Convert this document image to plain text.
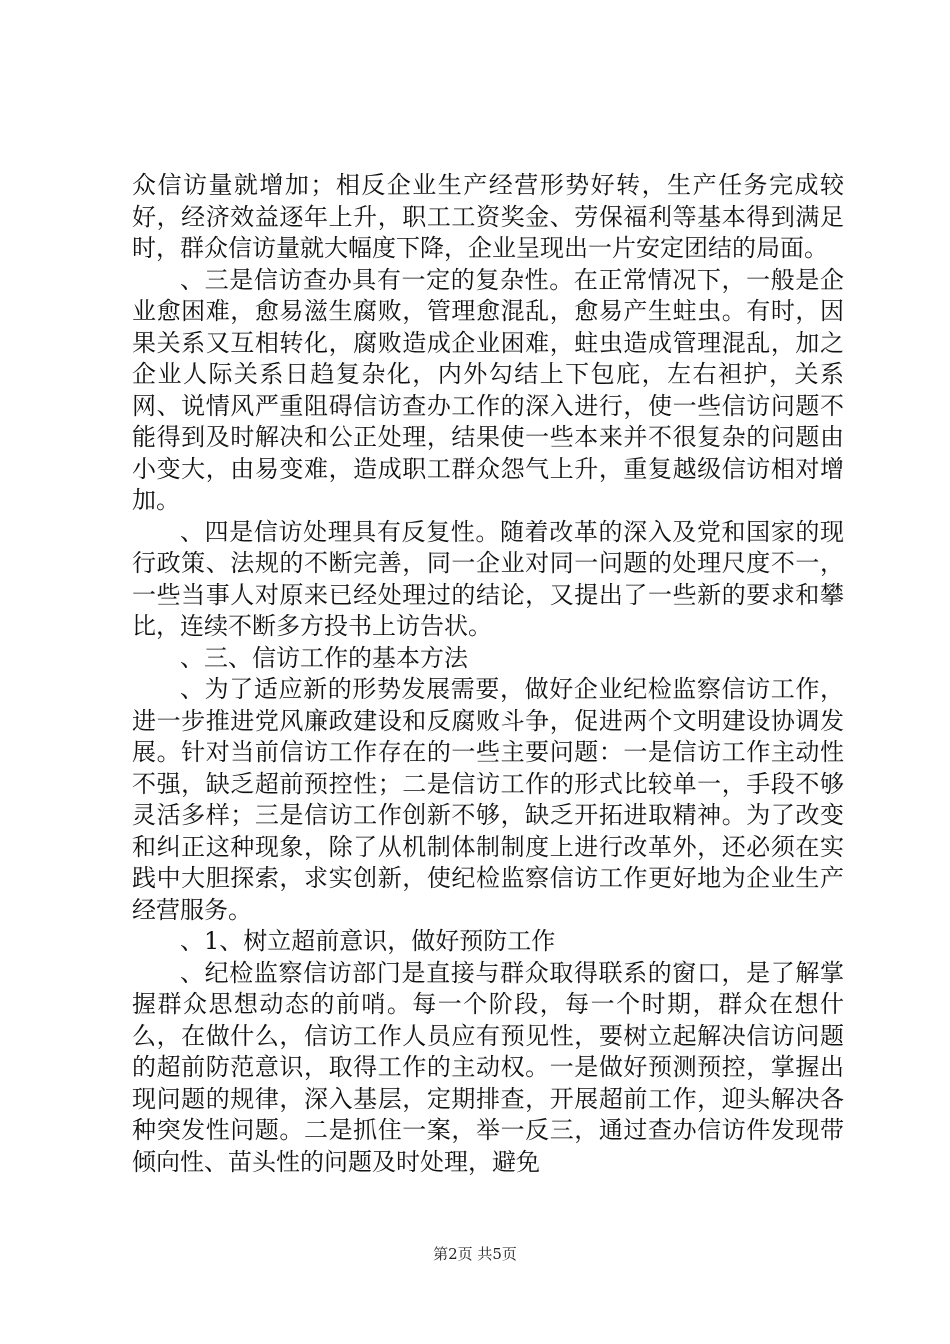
众信访量就增加；相反企业生产经营形势好转，生产任务完成较好，经济效益逐年上升，职工工资奖金、劳保福利等基本得到满足时，群众信访量就大幅度下降，企业呈现出一片安定团结的局面。

、三是信访查办具有一定的复杂性。在正常情况下，一般是企业愈困难，愈易滋生腐败，管理愈混乱，愈易产生蛀虫。有时，因果关系又互相转化，腐败造成企业困难，蛀虫造成管理混乱，加之企业人际关系日趋复杂化，内外勾结上下包庇，左右袒护，关系网、说情风严重阻碍信访查办工作的深入进行，使一些信访问题不能得到及时解决和公正处理，结果使一些本来并不很复杂的问题由小变大，由易变难，造成职工群众怨气上升，重复越级信访相对增加。

、四是信访处理具有反复性。随着改革的深入及党和国家的现行政策、法规的不断完善，同一企业对同一问题的处理尺度不一，一些当事人对原来已经处理过的结论，又提出了一些新的要求和攀比，连续不断多方投书上访告状。

、三、信访工作的基本方法

、为了适应新的形势发展需要，做好企业纪检监察信访工作，进一步推进党风廉政建设和反腐败斗争，促进两个文明建设协调发展。针对当前信访工作存在的一些主要问题：一是信访工作主动性不强，缺乏超前预控性；二是信访工作的形式比较单一，手段不够灵活多样；三是信访工作创新不够，缺乏开拓进取精神。为了改变和纠正这种现象，除了从机制体制制度上进行改革外，还必须在实践中大胆探索，求实创新，使纪检监察信访工作更好地为企业生产经营服务。

、1、树立超前意识，做好预防工作

、纪检监察信访部门是直接与群众取得联系的窗口，是了解掌握群众思想动态的前哨。每一个阶段，每一个时期，群众在想什么，在做什么，信访工作人员应有预见性，要树立起解决信访问题的超前防范意识，取得工作的主动权。一是做好预测预控，掌握出现问题的规律，深入基层，定期排查，开展超前工作，迎头解决各种突发性问题。二是抓住一案，举一反三，通过查办信访件发现带倾向性、苗头性的问题及时处理，避免

第2页 共5页
